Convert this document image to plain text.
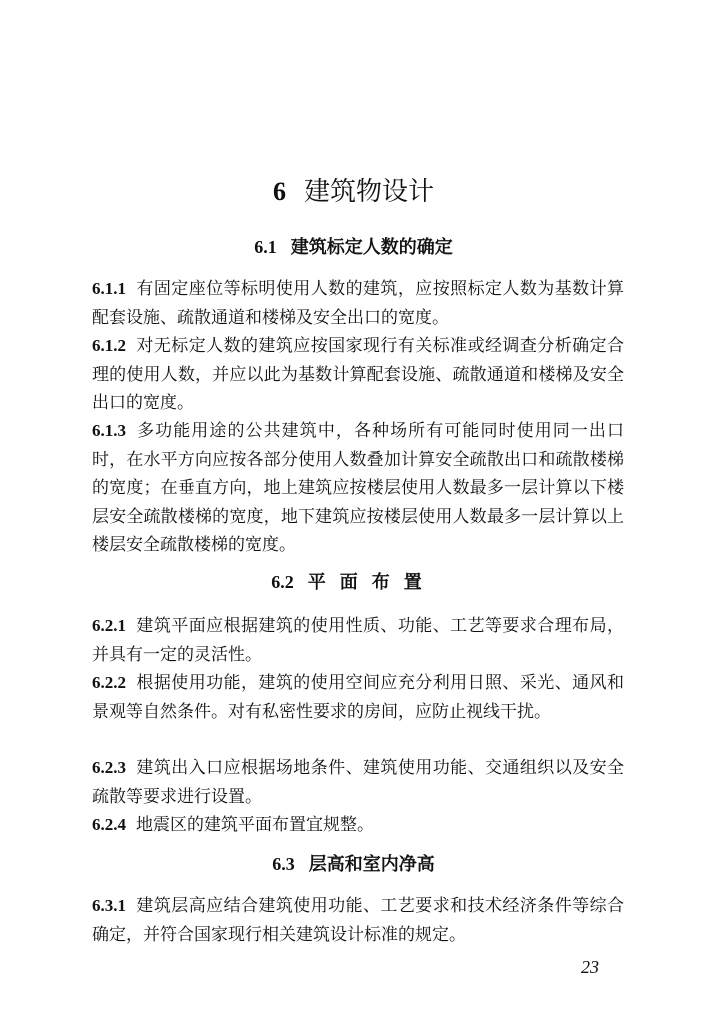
6 建筑物设计
6.1 建筑标定人数的确定
6.1.1 有固定座位等标明使用人数的建筑，应按照标定人数为基数计算配套设施、疏散通道和楼梯及安全出口的宽度。
6.1.2 对无标定人数的建筑应按国家现行有关标准或经调查分析确定合理的使用人数，并应以此为基数计算配套设施、疏散通道和楼梯及安全出口的宽度。
6.1.3 多功能用途的公共建筑中，各种场所有可能同时使用同一出口时，在水平方向应按各部分使用人数叠加计算安全疏散出口和疏散楼梯的宽度；在垂直方向，地上建筑应按楼层使用人数最多一层计算以下楼层安全疏散楼梯的宽度，地下建筑应按楼层使用人数最多一层计算以上楼层安全疏散楼梯的宽度。
6.2 平面布置
6.2.1 建筑平面应根据建筑的使用性质、功能、工艺等要求合理布局，并具有一定的灵活性。
6.2.2 根据使用功能，建筑的使用空间应充分利用日照、采光、通风和景观等自然条件。对有私密性要求的房间，应防止视线干扰。
6.2.3 建筑出入口应根据场地条件、建筑使用功能、交通组织以及安全疏散等要求进行设置。
6.2.4 地震区的建筑平面布置宜规整。
6.3 层高和室内净高
6.3.1 建筑层高应结合建筑使用功能、工艺要求和技术经济条件等综合确定，并符合国家现行相关建筑设计标准的规定。
23
